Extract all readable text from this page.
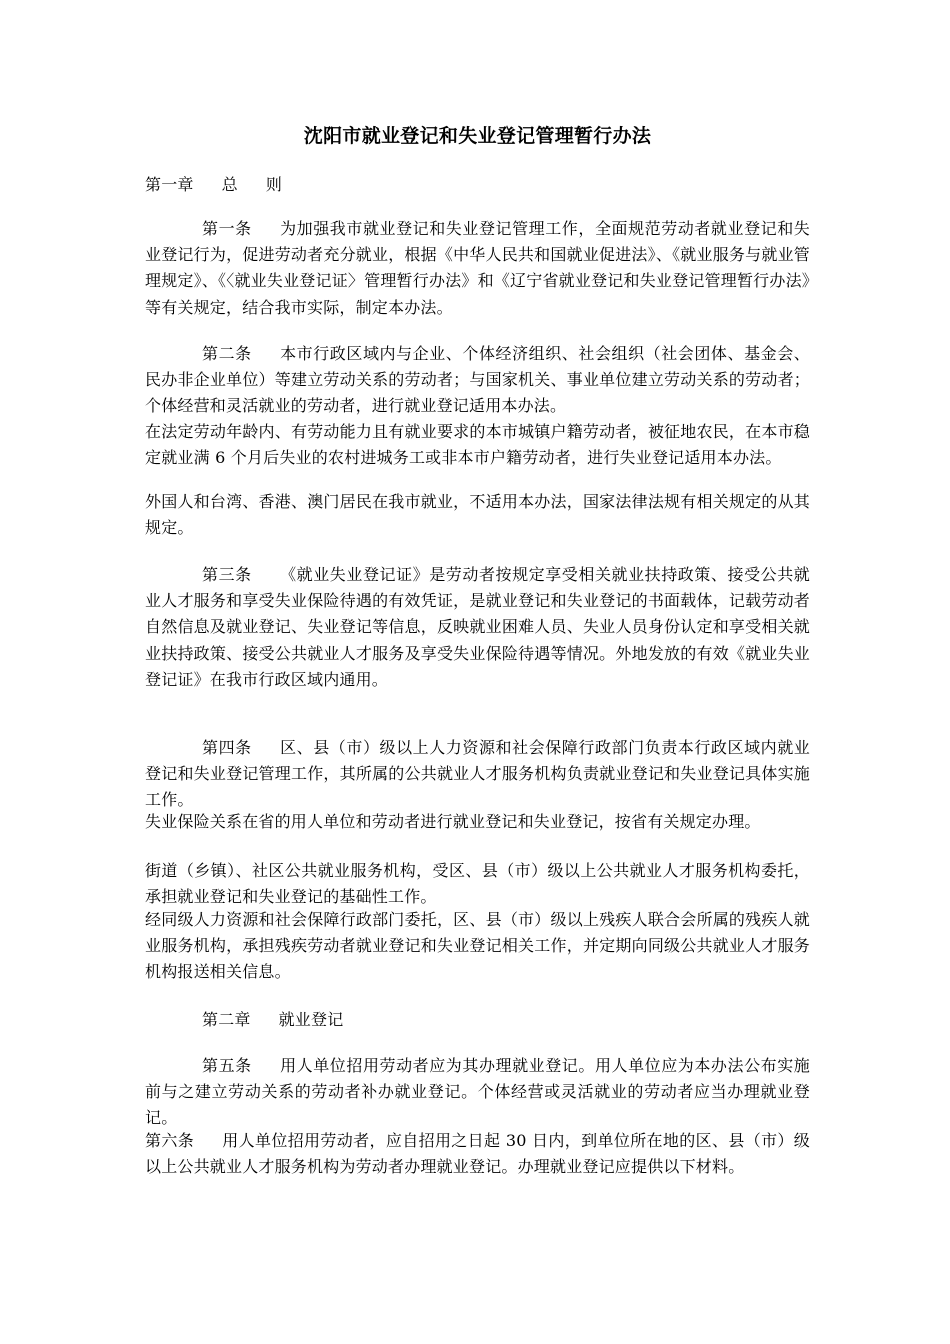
沈阳市就业登记和失业登记管理暂行办法

第一章 总 则

第一条 为加强我市就业登记和失业登记管理工作，全面规范劳动者就业登记和失业登记行为，促进劳动者充分就业，根据《中华人民共和国就业促进法》、《就业服务与就业管理规定》、《〈就业失业登记证〉管理暂行办法》和《辽宁省就业登记和失业登记管理暂行办法》等有关规定，结合我市实际，制定本办法。

第二条 本市行政区域内与企业、个体经济组织、社会组织（社会团体、基金会、 民办非企业单位）等建立劳动关系的劳动者；与国家机关、事业单位建立劳动关系的劳动者；个体经营和灵活就业的劳动者，进行就业登记适用本办法。

在法定劳动年龄内、有劳动能力且有就业要求的本市城镇户籍劳动者，被征地农民，在本市稳定就业满 6 个月后失业的农村进城务工或非本市户籍劳动者，进行失业登记适用本办法。

外国人和台湾、香港、澳门居民在我市就业，不适用本办法，国家法律法规有相关规定的从其规定。

第三条 《就业失业登记证》是劳动者按规定享受相关就业扶持政策、接受公共就业人才服务和享受失业保险待遇的有效凭证，是就业登记和失业登记的书面载体，记载劳动者自然信息及就业登记、失业登记等信息，反映就业困难人员、失业人员身份认定和享受相关就业扶持政策、接受公共就业人才服务及享受失业保险待遇等情况。外地发放的有效《就业失业登记证》在我市行政区域内通用。

第四条 区、县（市）级以上人力资源和社会保障行政部门负责本行政区域内就业登记和失业登记管理工作，其所属的公共就业人才服务机构负责就业登记和失业登记具体实施工作。

失业保险关系在省的用人单位和劳动者进行就业登记和失业登记，按省有关规定办理。

街道（乡镇）、社区公共就业服务机构，受区、县（市）级以上公共就业人才服务机构委托，承担就业登记和失业登记的基础性工作。

经同级人力资源和社会保障行政部门委托，区、县（市）级以上残疾人联合会所属的残疾人就业服务机构，承担残疾劳动者就业登记和失业登记相关工作，并定期向同级公共就业人才服务机构报送相关信息。

第二章 就业登记

第五条 用人单位招用劳动者应为其办理就业登记。用人单位应为本办法公布实施前与之建立劳动关系的劳动者补办就业登记。个体经营或灵活就业的劳动者应当办理就业登记。

第六条 用人单位招用劳动者，应自招用之日起 30 日内，到单位所在地的区、县（市）级以上公共就业人才服务机构为劳动者办理就业登记。办理就业登记应提供以下材料。
